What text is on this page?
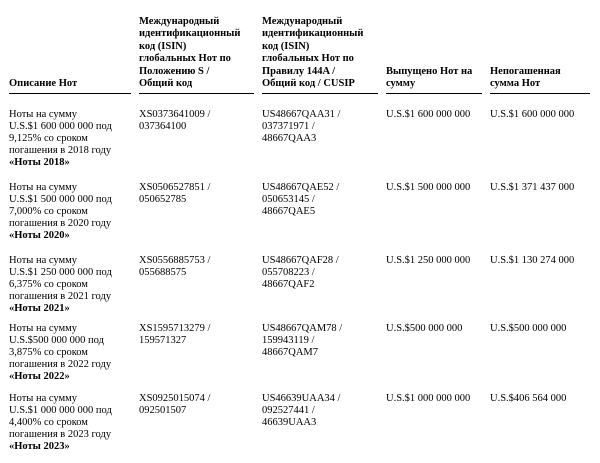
Описание Нот
Международный
идентификационный
код (ISIN)
глобальных Нот по
Положению S /
Общий код
Международный
идентификационный
код (ISIN)
глобальных Нот по
Правилу 144A /
Общий код / CUSIP
Выпущено Нот на
сумму
Непогашенная
сумма Нот
Ноты на сумму
U.S.$1 600 000 000 под
9,125% со сроком
погашения в 2018 году
«Ноты 2018»
XS0373641009 /
037364100
US48667QAA31 /
037371971 /
48667QAA3
U.S.$1 600 000 000 U.S.$1 600 000 000
Ноты на сумму
U.S.$1 500 000 000 под
7,000% со сроком
погашения в 2020 году
«Ноты 2020»
XS0506527851 /
050652785
US48667QAE52 /
050653145 /
48667QAE5
U.S.$1 500 000 000 U.S.$1 371 437 000
Ноты на сумму
U.S.$1 250 000 000 под
6,375% со сроком
погашения в 2021 году
«Ноты 2021»
XS0556885753 /
055688575
US48667QAF28 /
055708223 /
48667QAF2
U.S.$1 250 000 000 U.S.$1 130 274 000
Ноты на сумму
U.S.$500 000 000 под
3,875% со сроком
погашения в 2022 году
«Ноты 2022»
XS1595713279 /
159571327
US48667QAM78 /
159943119 /
48667QAM7
U.S.$500 000 000	U.S.$500 000 000
Ноты на сумму
U.S.$1 000 000 000 под
4,400% со сроком
погашения в 2023 году
«Ноты 2023»
XS0925015074 /
092501507
US46639UAA34 /
092527441 /
46639UAA3
U.S.$1 000 000 000 U.S.$406 564 000
